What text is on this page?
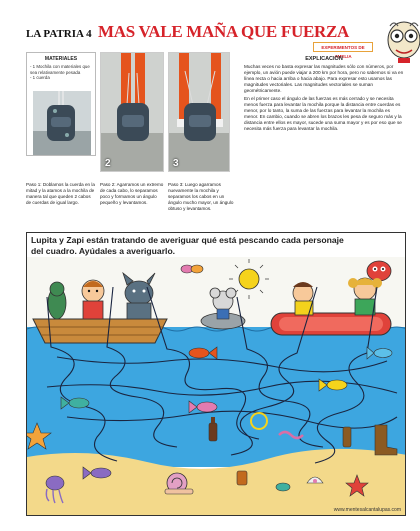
LA PATRIA 4 MAS VALE MAÑA QUE FUERZA
EXPERIMENTOS DE AMELIA
MATERIALES
- 1 Mochila con materiales que sea relativamente pesada
- 1 cuerda
2	3
Paso 1: Doblamos la cuerda en la mitad y la atamos a la mochila de manera tal que queden 2 cabos de cuerdas de igual largo.
Paso 2: Agarramos un extremo de cada cabo, lo separamos poco y formamos un ángulo pequeño y levantamos.
Paso 3: Luego agarramos nuevamente la mochila y separamos los cabos en un ángulo mucho mayor, un ángulo obtuso y levantamos.
EXPLICACIÓN

Muchas veces no basta expresar las magnitudes sólo con números, por ejemplo, un avión puede viajar a 200 km por hora, pero no sabemos si va en línea recta o hacia arriba o hacia abajo. Para expresar esto usamos las magnitudes vectoriales. Las magnitudes vectoriales se suman geométricamente.

En el primer caso el ángulo de las fuerzas es más cerrado y se necesita menos fuerza para levantar la mochila porque la distancia entre cuerdas es menor, por lo tanto, la suma de las fuerzas para levantar la mochila es menor. En cambio, cuando se abren los brazos les pesa de seguro más y la distancia entre ellos es mayor, sucede una suma mayor y es por eso que se necesita más fuerza para levantar la mochila.

Lupita y Zapi están tratando de averiguar qué está pescando cada personaje del cuadro. Ayúdales a averiguarlo.
www.mentesalcantalupas.com
